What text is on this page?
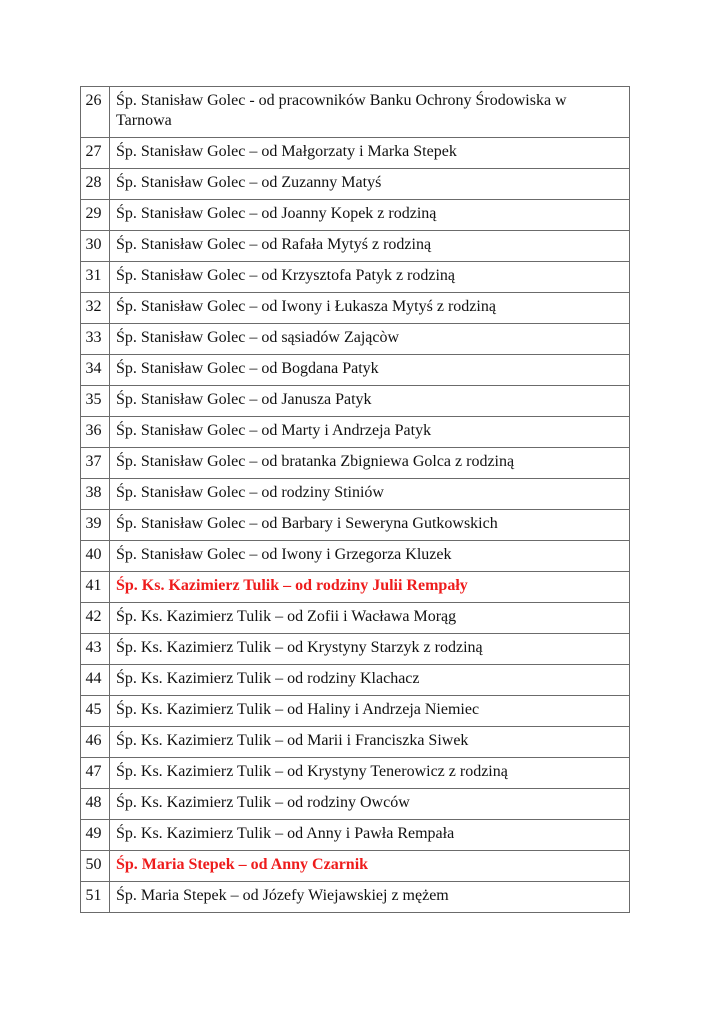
26	Śp. Stanisław Golec - od pracowników Banku Ochrony Środowiska w Tarnowa
27	Śp. Stanisław Golec – od Małgorzaty i Marka Stepek
28	Śp. Stanisław Golec – od Zuzanny Matyś
29	Śp. Stanisław Golec – od Joanny Kopek z rodziną
30	Śp. Stanisław Golec – od Rafała Mytyś z rodziną
31	Śp. Stanisław Golec – od Krzysztofa Patyk z rodziną
32	Śp. Stanisław Golec – od Iwony i Łukasza Mytyś z rodziną
33	Śp. Stanisław Golec – od sąsiadów Zającòw
34	Śp. Stanisław Golec – od Bogdana Patyk
35	Śp. Stanisław Golec – od Janusza Patyk
36	Śp. Stanisław Golec – od Marty i Andrzeja Patyk
37	Śp. Stanisław Golec – od bratanka Zbigniewa Golca z rodziną
38	Śp. Stanisław Golec – od rodziny Stiniów
39	Śp. Stanisław Golec – od Barbary i Seweryna Gutkowskich
40	Śp. Stanisław Golec – od Iwony i Grzegorza Kluzek
41	Śp. Ks. Kazimierz Tulik – od rodziny Julii Rempały
42	Śp. Ks. Kazimierz Tulik – od Zofii i Wacława Morąg
43	Śp. Ks. Kazimierz Tulik – od Krystyny Starzyk z rodziną
44	Śp. Ks. Kazimierz Tulik – od rodziny Klachacz
45	Śp. Ks. Kazimierz Tulik – od Haliny i Andrzeja Niemiec
46	Śp. Ks. Kazimierz Tulik – od Marii i Franciszka Siwek
47	Śp. Ks. Kazimierz Tulik – od Krystyny Tenerowicz z rodziną
48	Śp. Ks. Kazimierz Tulik – od rodziny Owców
49	Śp. Ks. Kazimierz Tulik – od Anny i Pawła Rempała
50	Śp. Maria Stepek – od Anny Czarnik
51	Śp. Maria Stepek – od Józefy Wiejawskiej z mężem
